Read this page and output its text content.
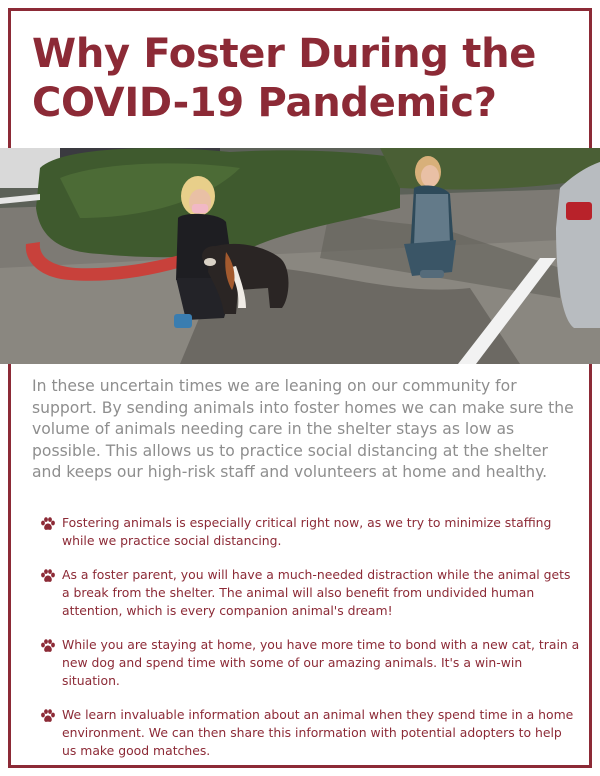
Why Foster During the COVID-19 Pandemic?

In these uncertain times we are leaning on our community for support. By sending animals into foster homes we can make sure the volume of animals needing care in the shelter stays as low as possible. This allows us to practice social distancing at the shelter and keeps our high-risk staff and volunteers at home and healthy.

Fostering animals is especially critical right now, as we try to minimize staffing while we practice social distancing.
As a foster parent, you will have a much-needed distraction while the animal gets a break from the shelter. The animal will also benefit from undivided human attention, which is every companion animal's dream!
While you are staying at home, you have more time to bond with a new cat, train a new dog and spend time with some of our amazing animals. It's a win-win situation.
We learn invaluable information about an animal when they spend time in a home environment. We can then share this information with potential adopters to help us make good matches.
